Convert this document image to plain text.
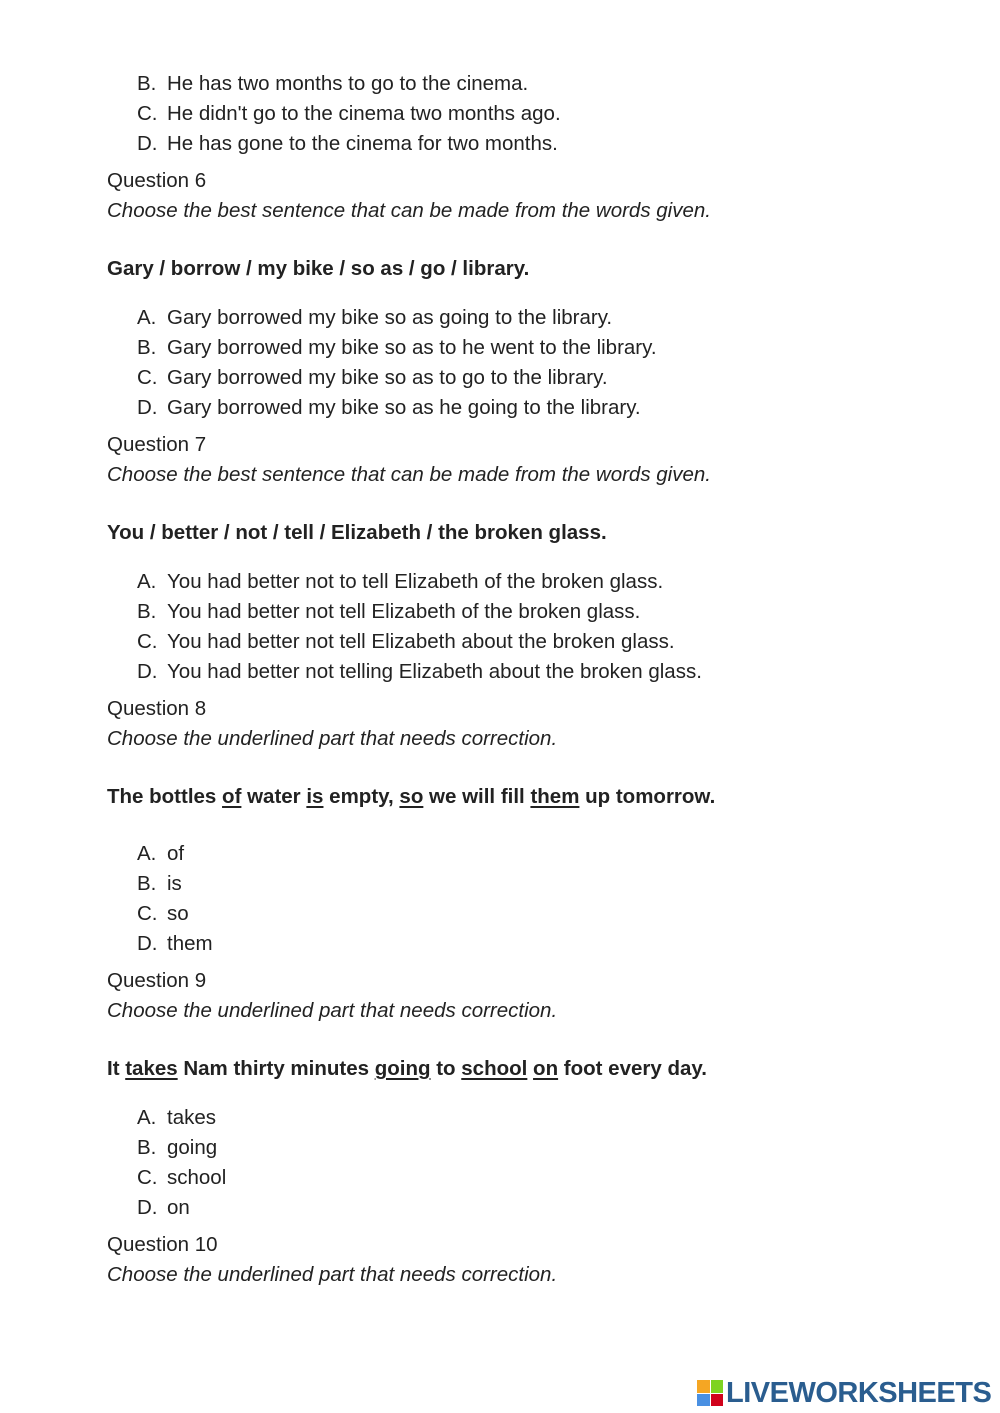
B. He has two months to go to the cinema.
C. He didn't go to the cinema two months ago.
D. He has gone to the cinema for two months.
Question 6
Choose the best sentence that can be made from the words given.
Gary / borrow / my bike / so as / go / library.
A. Gary borrowed my bike so as going to the library.
B. Gary borrowed my bike so as to he went to the library.
C. Gary borrowed my bike so as to go to the library.
D. Gary borrowed my bike so as he going to the library.
Question 7
Choose the best sentence that can be made from the words given.
You / better / not / tell / Elizabeth / the broken glass.
A. You had better not to tell Elizabeth of the broken glass.
B. You had better not tell Elizabeth of the broken glass.
C. You had better not tell Elizabeth about the broken glass.
D. You had better not telling Elizabeth about the broken glass.
Question 8
Choose the underlined part that needs correction.
The bottles of water is empty, so we will fill them up tomorrow.
A. of
B. is
C. so
D. them
Question 9
Choose the underlined part that needs correction.
It takes Nam thirty minutes going to school on foot every day.
A. takes
B. going
C. school
D. on
Question 10
Choose the underlined part that needs correction.
LIVEWORKSHEETS
